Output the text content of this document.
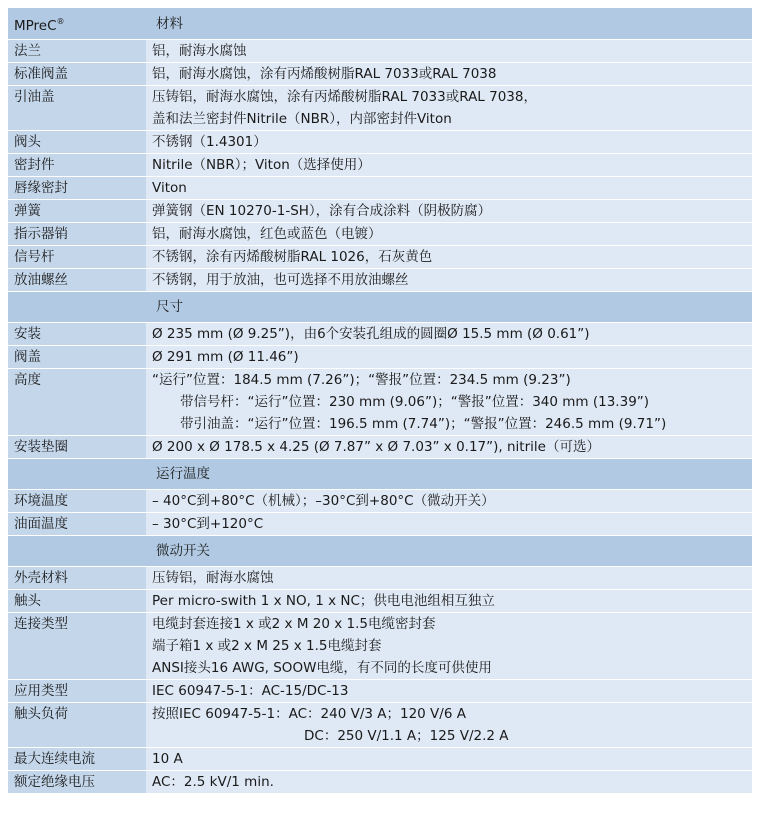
MPreC®	材料
法兰	铝，耐海水腐蚀

标准阀盖	铝，耐海水腐蚀，涂有丙烯酸树脂RAL 7033或RAL 7038

引油盖	压铸铝，耐海水腐蚀，涂有丙烯酸树脂RAL 7033或RAL 7038，
盖和法兰密封件Nitrile（NBR），内部密封件Viton

阀头	不锈钢（1.4301）

密封件	Nitrile（NBR）；Viton（选择使用）

唇缘密封	Viton

弹簧	弹簧钢（EN 10270-1-SH），涂有合成涂料（阴极防腐）

指示器销	铝，耐海水腐蚀，红色或蓝色（电镀）

信号杆	不锈钢，涂有丙烯酸树脂RAL 1026，石灰黄色

放油螺丝	不锈钢，用于放油，也可选择不用放油螺丝

	尺寸
安装	Ø 235 mm (Ø 9.25”)，由6个安装孔组成的圆圈Ø 15.5 mm (Ø 0.61”)

阀盖	Ø 291 mm (Ø 11.46”)

高度	“运行”位置：184.5 mm (7.26”)；“警报”位置：234.5 mm (9.23”)
带信号杆：“运行”位置：230 mm (9.06”)；“警报”位置：340 mm (13.39”)
带引油盖：“运行”位置：196.5 mm (7.74”)；“警报”位置：246.5 mm (9.71”)

安装垫圈	Ø 200 x Ø 178.5 x 4.25 (Ø 7.87” x Ø 7.03” x 0.17”), nitrile（可选）

	运行温度
环境温度	– 40°C到+80°C（机械）；–30°C到+80°C（微动开关）

油面温度	– 30°C到+120°C

	微动开关
外壳材料	压铸铝，耐海水腐蚀

触头	Per micro-swith 1 x NO, 1 x NC；供电电池组相互独立

连接类型	电缆封套连接1 x 或2 x M 20 x 1.5电缆密封套
端子箱1 x 或2 x M 25 x 1.5电缆封套
ANSI接头16 AWG, SOOW电缆，有不同的长度可供使用

应用类型	IEC 60947-5-1：AC-15/DC-13

触头负荷	按照IEC 60947-5-1：AC：240 V/3 A；120 V/6 A
DC：250 V/1.1 A；125 V/2.2 A

最大连续电流	10 A

额定绝缘电压	AC：2.5 kV/1 min.
